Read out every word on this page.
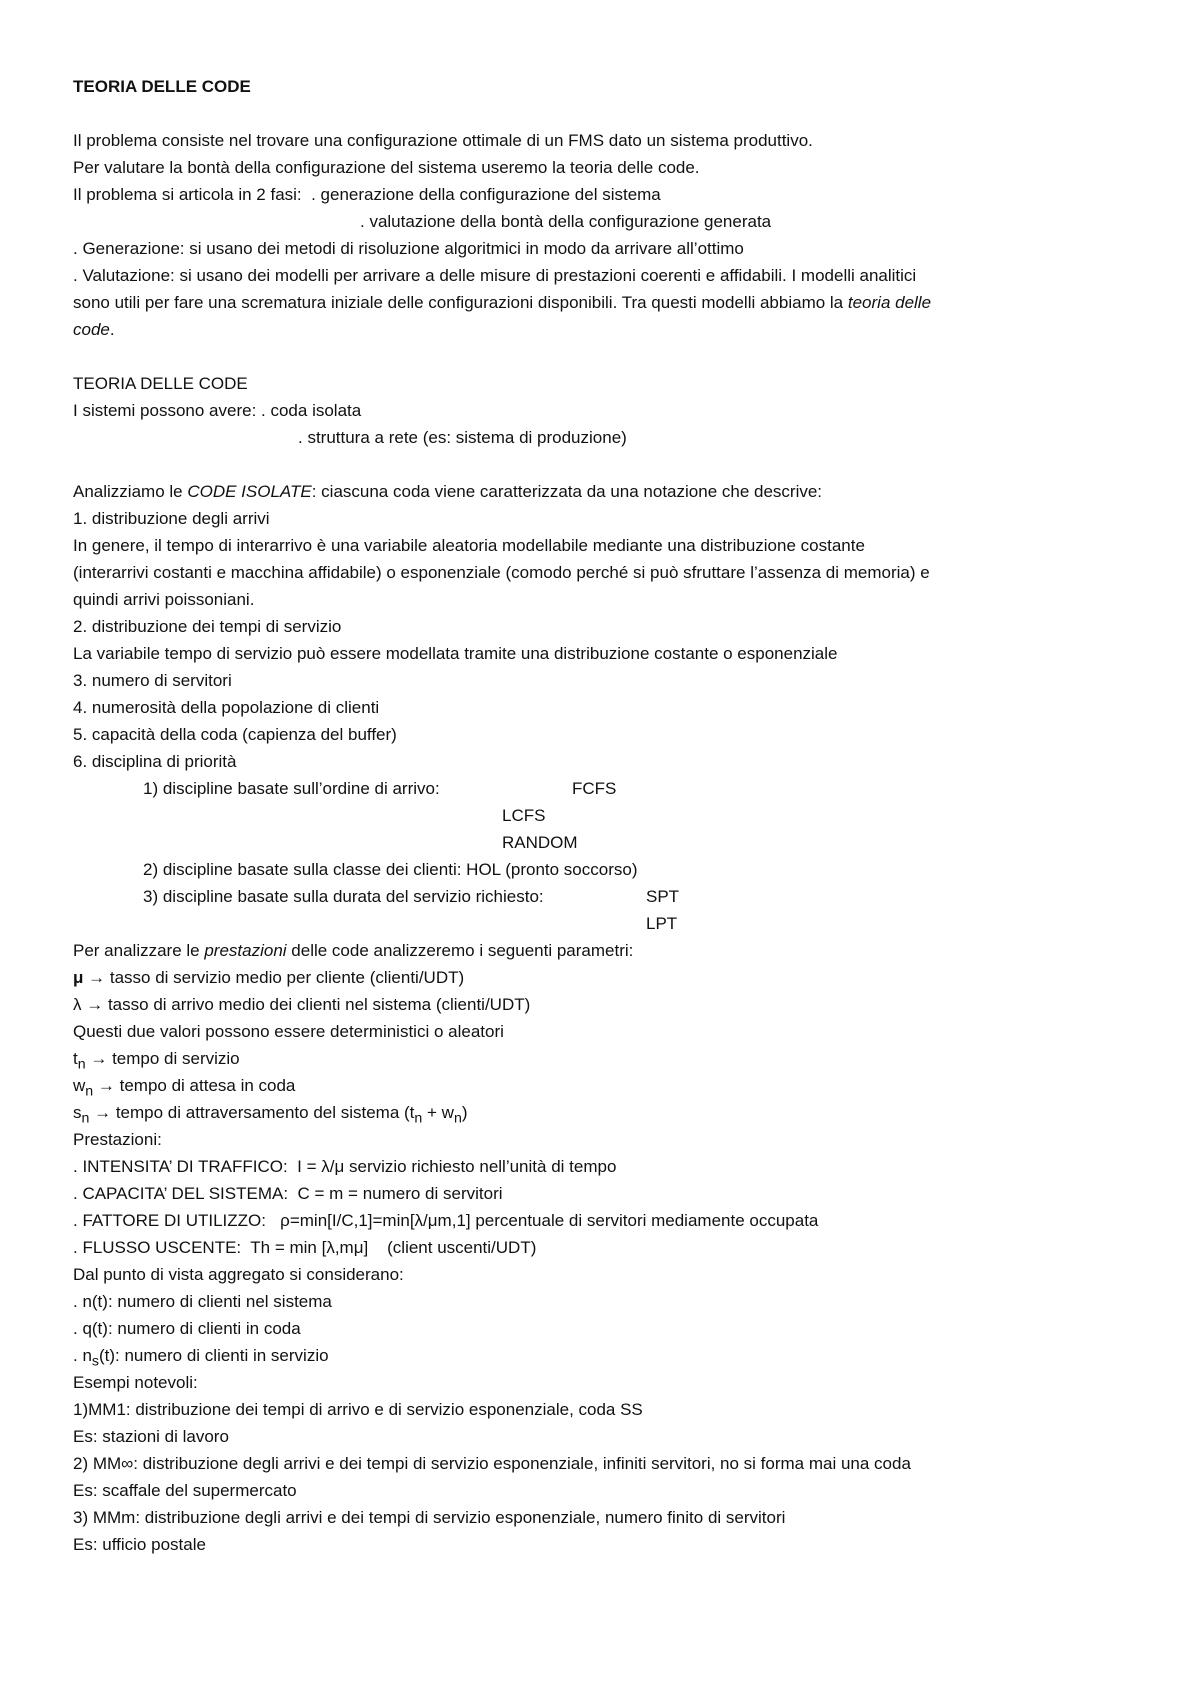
TEORIA DELLE CODE
Il problema consiste nel trovare una configurazione ottimale di un FMS dato un sistema produttivo.
Per valutare la bontà della configurazione del sistema useremo la teoria delle code.
Il problema si articola in 2 fasi:  . generazione della configurazione del sistema
. valutazione della bontà della configurazione generata
. Generazione: si usano dei metodi di risoluzione algoritmici in modo da arrivare all’ottimo
. Valutazione: si usano dei modelli per arrivare a delle misure di prestazioni coerenti e affidabili. I modelli analitici
sono utili per fare una scrematura iniziale delle configurazioni disponibili. Tra questi modelli abbiamo la teoria delle
code.
TEORIA DELLE CODE
I sistemi possono avere: . coda isolata
. struttura a rete (es: sistema di produzione)
Analizziamo le CODE ISOLATE: ciascuna coda viene caratterizzata da una notazione che descrive:
1. distribuzione degli arrivi
In genere, il tempo di interarrivo è una variabile aleatoria modellabile mediante una distribuzione costante
(interarrivi costanti e macchina affidabile) o esponenziale (comodo perché si può sfruttare l’assenza di memoria) e
quindi arrivi poissoniani.
2. distribuzione dei tempi di servizio
La variabile tempo di servizio può essere modellata tramite una distribuzione costante o esponenziale
3. numero di servitori
4. numerosità della popolazione di clienti
5. capacità della coda (capienza del buffer)
6. disciplina di priorità
1) discipline basate sull’ordine di arrivo:	FCFS
LCFS
RANDOM
2) discipline basate sulla classe dei clienti: HOL (pronto soccorso)
3) discipline basate sulla durata del servizio richiesto:	SPT
LPT
Per analizzare le prestazioni delle code analizzeremo i seguenti parametri:
μ → tasso di servizio medio per cliente (clienti/UDT)
λ → tasso di arrivo medio dei clienti nel sistema (clienti/UDT)
Questi due valori possono essere deterministici o aleatori
$t_n$ → tempo di servizio
$w_n$ → tempo di attesa in coda
$s_n$ → tempo di attraversamento del sistema $(t_n + w_n)$
Prestazioni:
. INTENSITA’ DI TRAFFICO:  I = λ/μ servizio richiesto nell’unità di tempo
. CAPACITA’ DEL SISTEMA:  C = m = numero di servitori
. FATTORE DI UTILIZZO:   ρ=min[I/C,1]=min[λ/μm,1] percentuale di servitori mediamente occupata
. FLUSSO USCENTE:  Th = min [λ,mμ]    (client uscenti/UDT)
Dal punto di vista aggregato si considerano:
. n(t): numero di clienti nel sistema
. q(t): numero di clienti in coda
. $n_s(t)$: numero di clienti in servizio
Esempi notevoli:
1)MM1: distribuzione dei tempi di arrivo e di servizio esponenziale, coda SS
Es: stazioni di lavoro
2) MM∞: distribuzione degli arrivi e dei tempi di servizio esponenziale, infiniti servitori, no si forma mai una coda
Es: scaffale del supermercato
3) MMm: distribuzione degli arrivi e dei tempi di servizio esponenziale, numero finito di servitori
Es: ufficio postale
